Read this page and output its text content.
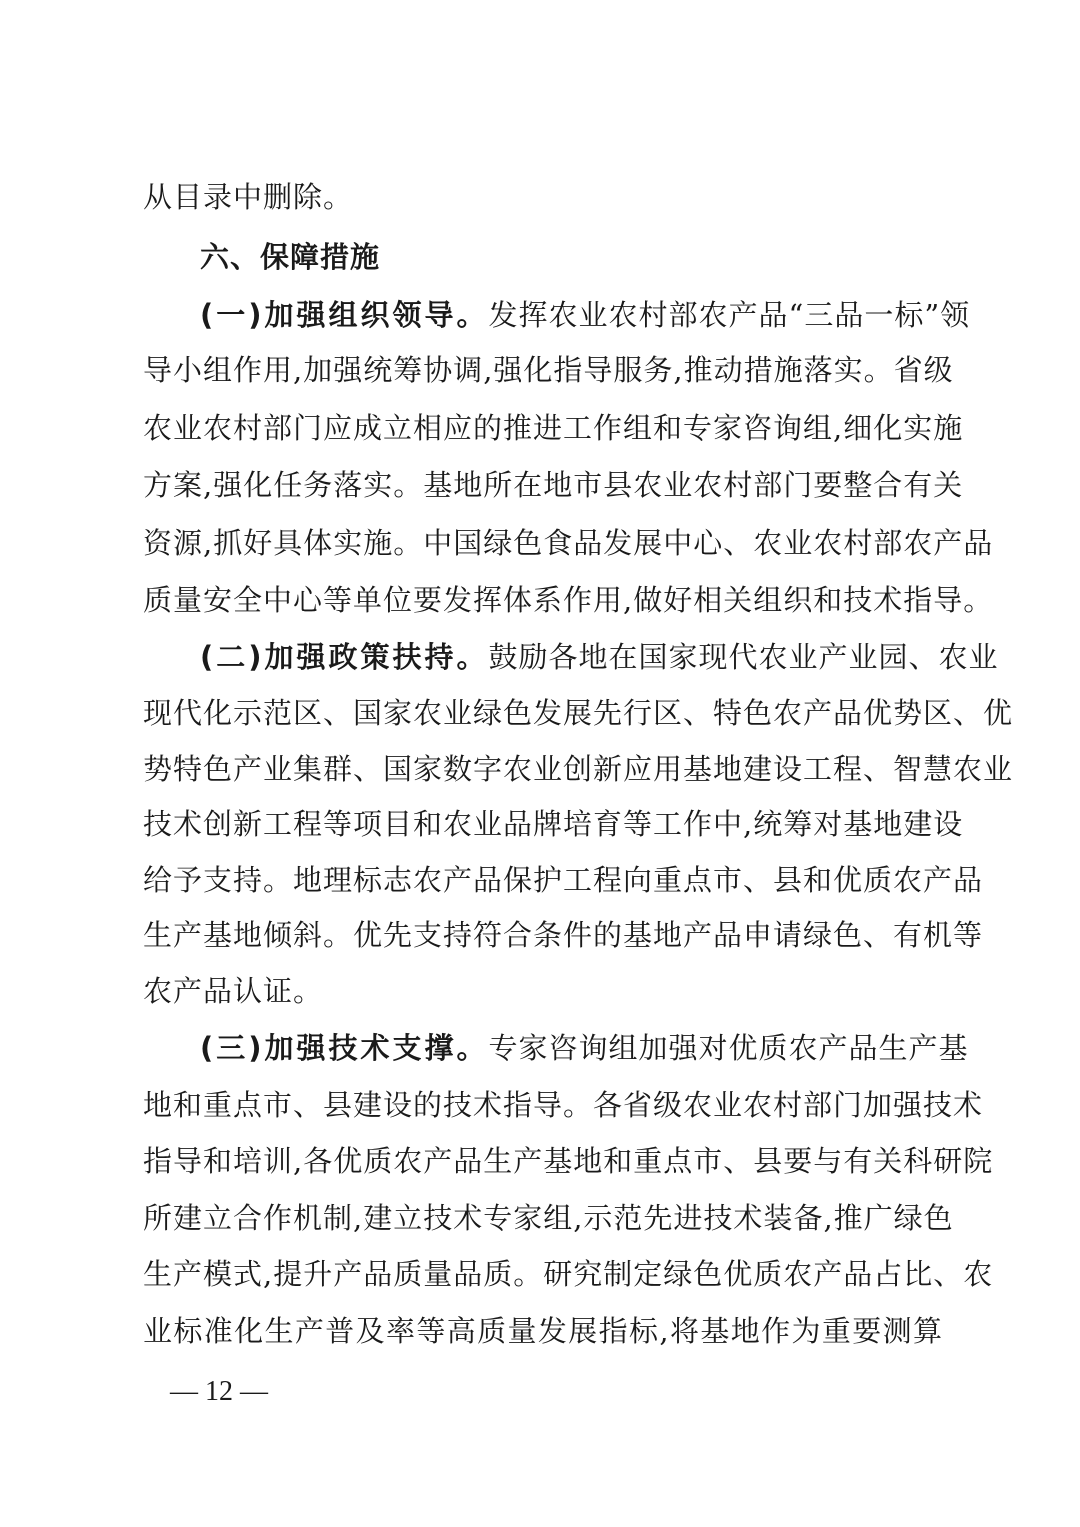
从目录中删除。
六、保障措施
(一)加强组织领导。发挥农业农村部农产品“三品一标”领
导小组作用,加强统筹协调,强化指导服务,推动措施落实。省级
农业农村部门应成立相应的推进工作组和专家咨询组,细化实施
方案,强化任务落实。基地所在地市县农业农村部门要整合有关
资源,抓好具体实施。中国绿色食品发展中心、农业农村部农产品
质量安全中心等单位要发挥体系作用,做好相关组织和技术指导。
(二)加强政策扶持。鼓励各地在国家现代农业产业园、农业
现代化示范区、国家农业绿色发展先行区、特色农产品优势区、优
势特色产业集群、国家数字农业创新应用基地建设工程、智慧农业
技术创新工程等项目和农业品牌培育等工作中,统筹对基地建设
给予支持。地理标志农产品保护工程向重点市、县和优质农产品
生产基地倾斜。优先支持符合条件的基地产品申请绿色、有机等
农产品认证。
(三)加强技术支撑。专家咨询组加强对优质农产品生产基
地和重点市、县建设的技术指导。各省级农业农村部门加强技术
指导和培训,各优质农产品生产基地和重点市、县要与有关科研院
所建立合作机制,建立技术专家组,示范先进技术装备,推广绿色
生产模式,提升产品质量品质。研究制定绿色优质农产品占比、农
业标准化生产普及率等高质量发展指标,将基地作为重要测算
— 12 —
